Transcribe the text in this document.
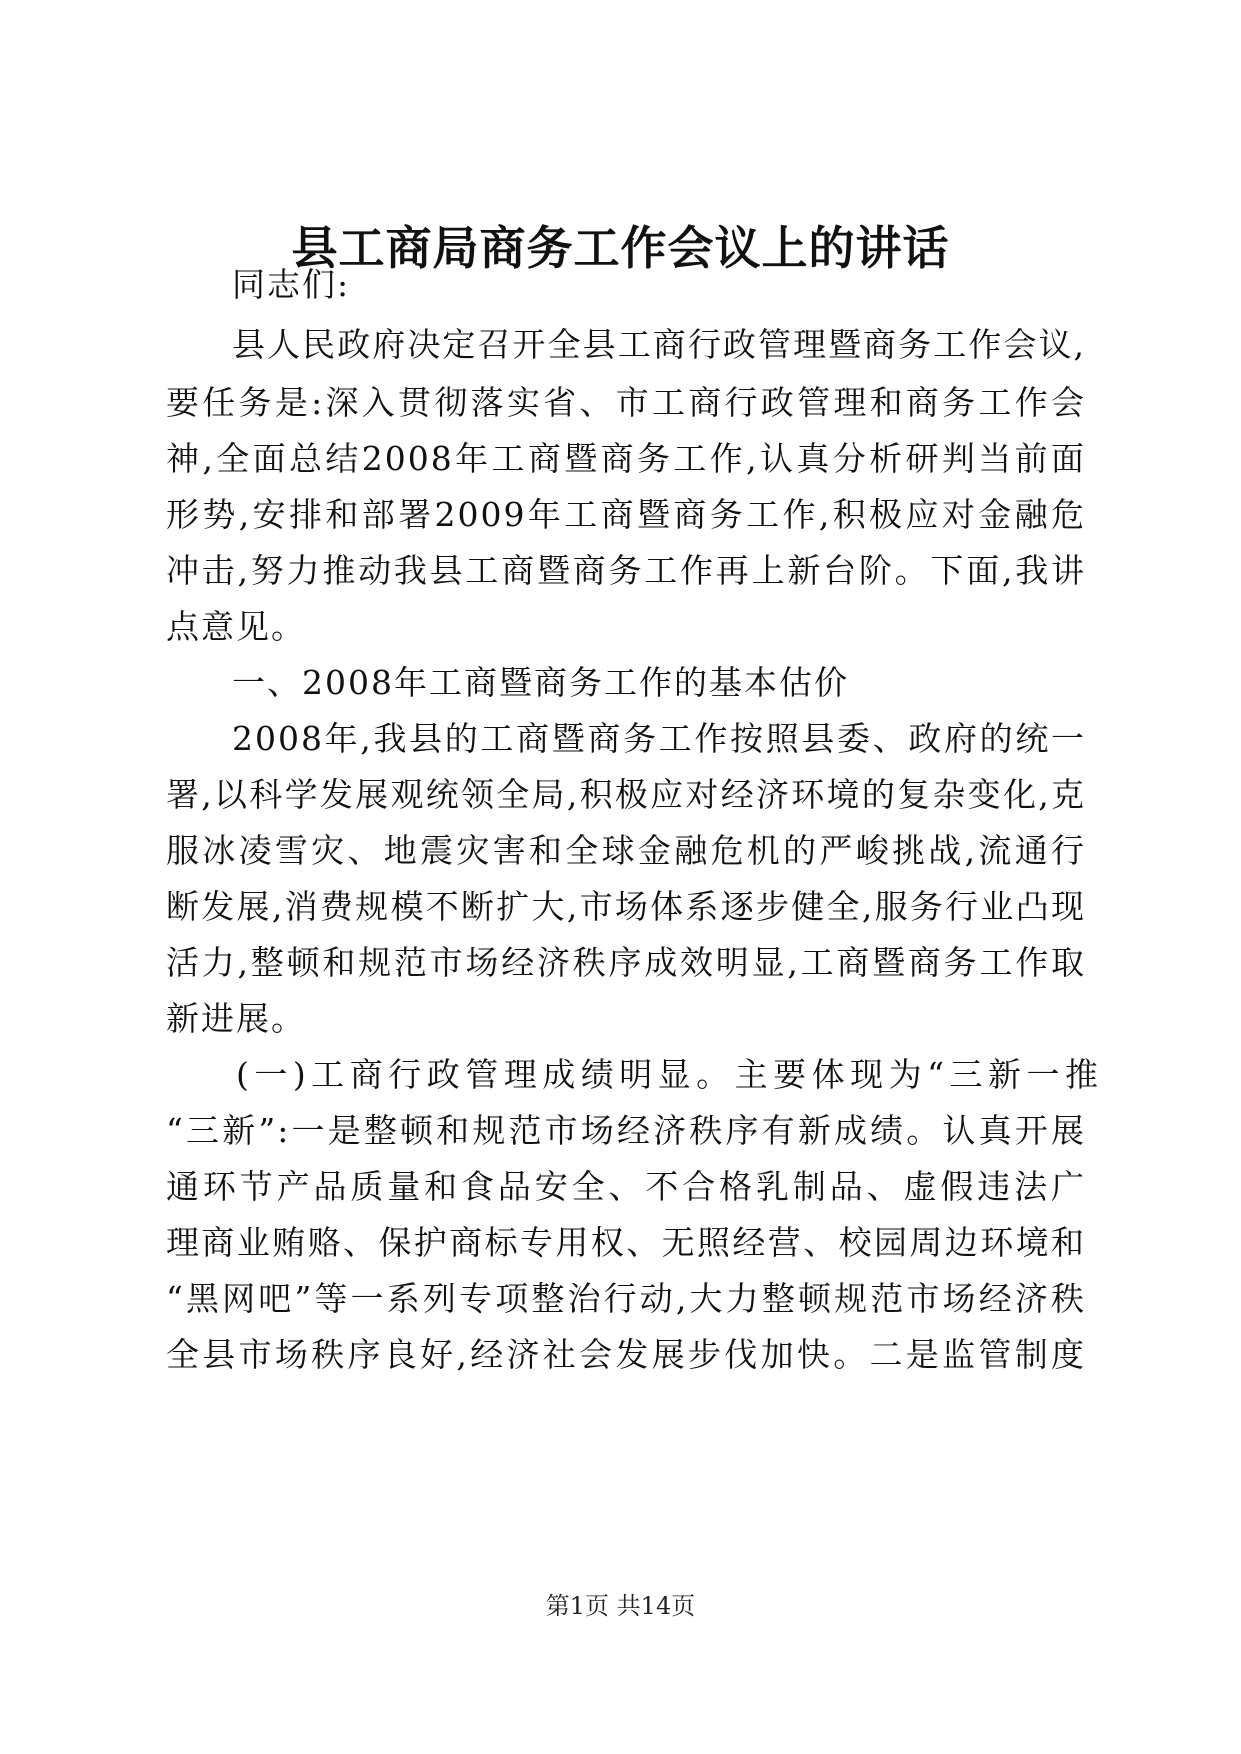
县工商局商务工作会议上的讲话
同志们:
县人民政府决定召开全县工商行政管理暨商务工作会议,
要任务是:深入贯彻落实省、市工商行政管理和商务工作会
神,全面总结2008年工商暨商务工作,认真分析研判当前面
形势,安排和部署2009年工商暨商务工作,积极应对金融危
冲击,努力推动我县工商暨商务工作再上新台阶。下面,我讲
点意见。
一、2008年工商暨商务工作的基本估价
2008年,我县的工商暨商务工作按照县委、政府的统一
署,以科学发展观统领全局,积极应对经济环境的复杂变化,克
服冰凌雪灾、地震灾害和全球金融危机的严峻挑战,流通行
断发展,消费规模不断扩大,市场体系逐步健全,服务行业凸现
活力,整顿和规范市场经济秩序成效明显,工商暨商务工作取
新进展。
(一)工商行政管理成绩明显。主要体现为“三新一推
“三新”:一是整顿和规范市场经济秩序有新成绩。认真开展
通环节产品质量和食品安全、不合格乳制品、虚假违法广
理商业贿赂、保护商标专用权、无照经营、校园周边环境和
“黑网吧”等一系列专项整治行动,大力整顿规范市场经济秩
全县市场秩序良好,经济社会发展步伐加快。二是监管制度
第1页 共14页
